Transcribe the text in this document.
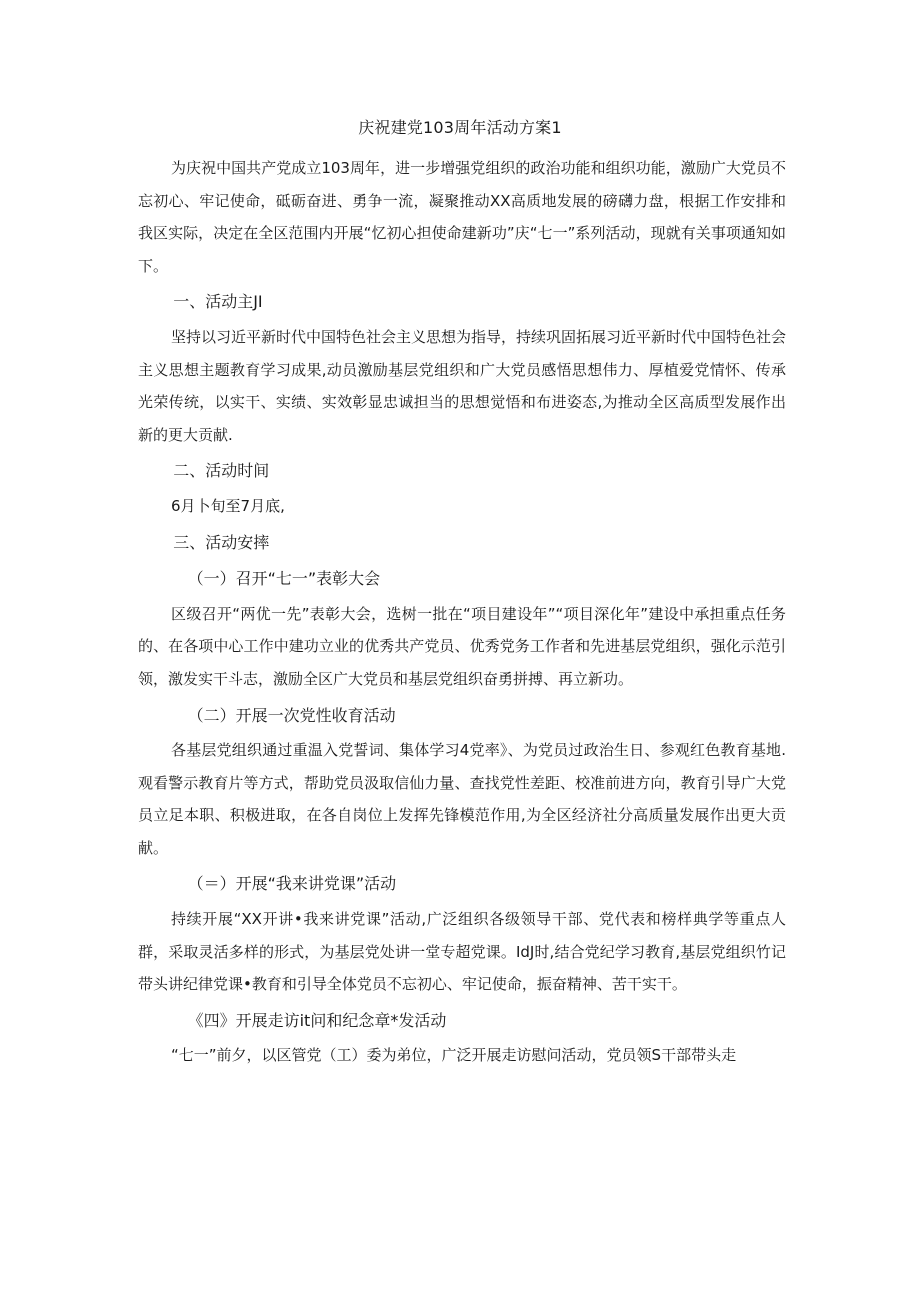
庆祝建党103周年活动方案1

为庆祝中国共产党成立103周年，进一步增强党组织的政治功能和组织功能，激励广大党员不忘初心、牢记使命，砥砺奋进、勇争一流，凝聚推动XX高质地发展的磅礴力盘，根据工作安排和我区实际，决定在全区范围内开展“忆初心担使命建新功”庆“七一”系列活动，现就有关事项通知如下。

一、活动主JI

坚持以习近平新时代中国特色社会主义思想为指导，持续巩固拓展习近平新时代中国特色社会主义思想主题教育学习成果,动员激励基层党组织和广大党员感悟思想伟力、厚植爱党情怀、传承光荣传统，以实干、实绩、实效彰显忠诚担当的思想觉悟和布进姿态,为推动全区高质型发展作出新的更大贡献.

二、活动时间

6月卜旬至7月底,

三、活动安摔

（一）召开“七一”表彰大会

区级召开“两优一先”表彰大会，选树一批在“项目建设年”“项目深化年”建设中承担重点任务的、在各项中心工作中建功立业的优秀共产党员、优秀党务工作者和先进基层党组织，强化示范引领，激发实干斗志，激励全区广大党员和基层党组织奋勇拼搏、再立新功。

（二）开展一次党性收育活动

各基层党组织通过重温入党誓词、集体学习4党率》、为党员过政治生日、参观红色教育基地.观看警示教育片等方式，帮助党员汲取信仙力量、查找党性差距、校准前进方向，教育引导广大党员立足本职、积极进取，在各自岗位上发挥先锋模范作用,为全区经济社分高质量发展作出更大贡献。

（＝）开展“我来讲党课”活动

持续开展“XX开讲•我来讲党课”活动,广泛组织各级领导干部、党代表和榜样典学等重点人群，采取灵活多样的形式，为基层党处讲一堂专超党课。IdJ时,结合党纪学习教育,基层党组织竹记带头讲纪律党课•教育和引导全体党员不忘初心、牢记使命，振奋精神、苦干实干。

《四》开展走访it问和纪念章*发活动

“七一”前夕，以区管党（工）委为弟位，广泛开展走访慰问活动，党员领S干部带头走
